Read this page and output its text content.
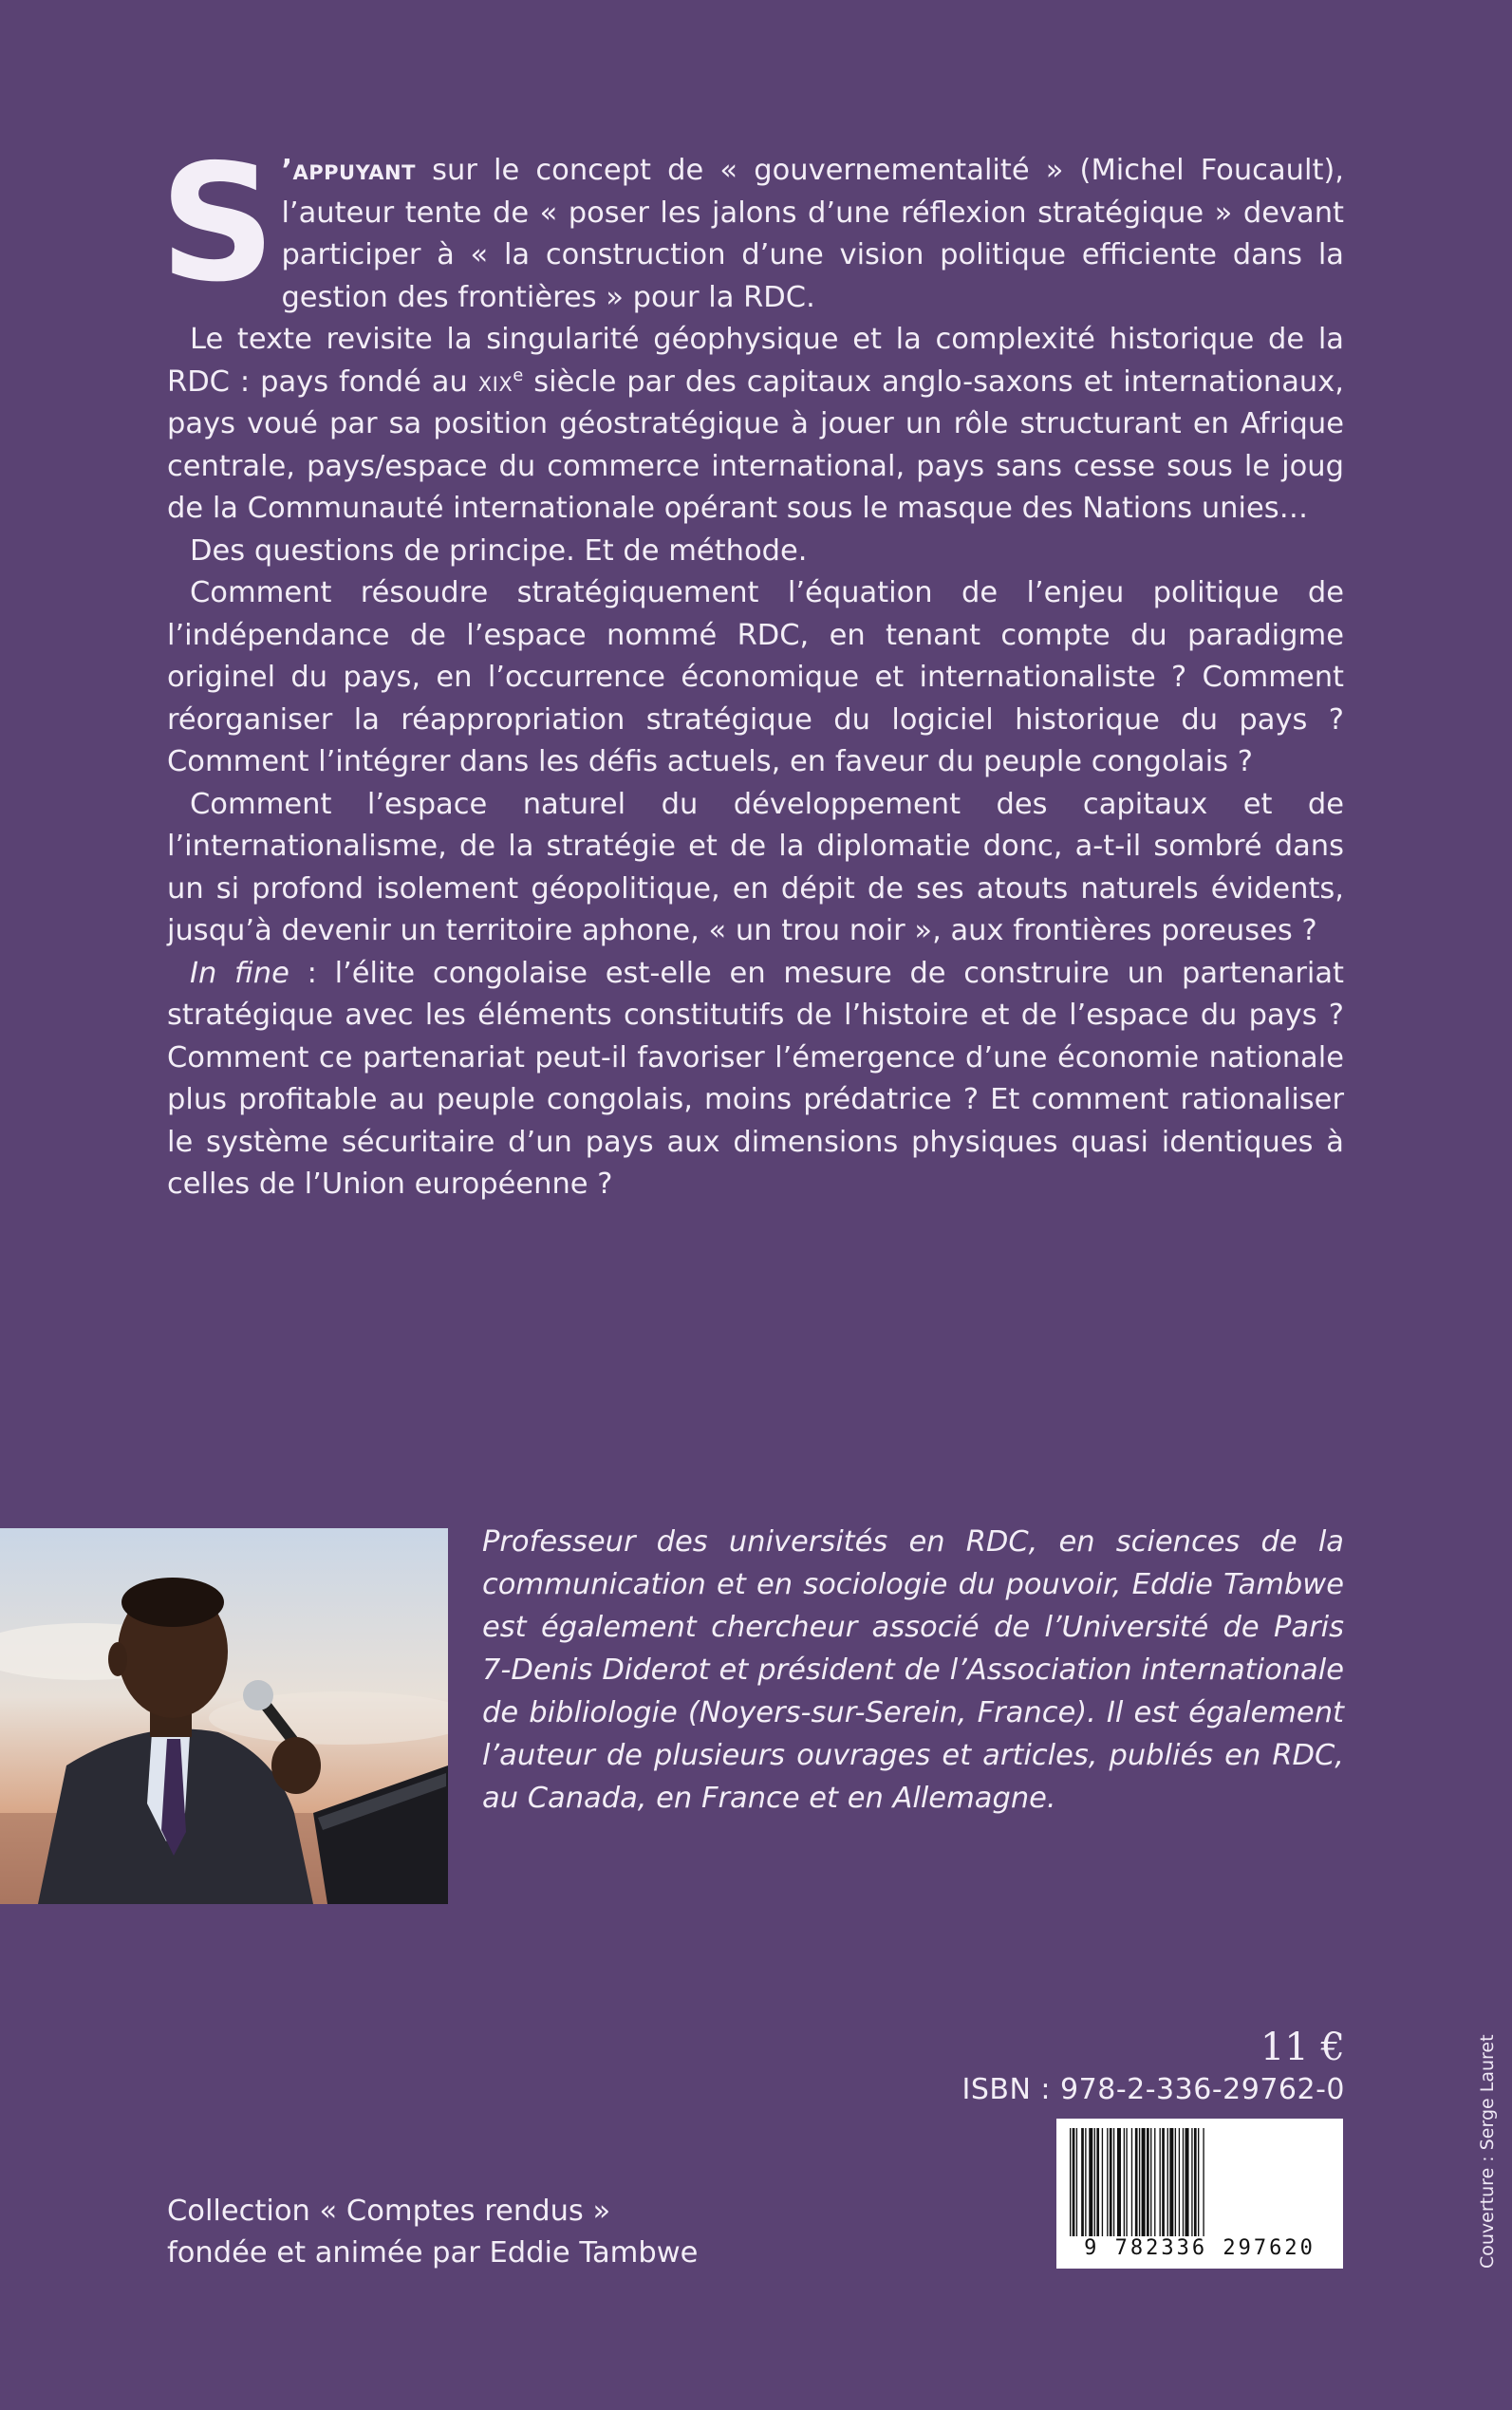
S ’appuyant sur le concept de « gouvernementalité » (Michel Foucault), l’auteur tente de « poser les jalons d’une réflexion stratégique » devant participer à « la construction d’une vision politique efficiente dans la gestion des frontières » pour la RDC.

Le texte revisite la singularité géophysique et la complexité historique de la RDC : pays fondé au xix$^e$ siècle par des capitaux anglo-saxons et internationaux, pays voué par sa position géostratégique à jouer un rôle structurant en Afrique centrale, pays/espace du commerce international, pays sans cesse sous le joug de la Communauté internationale opérant sous le masque des Nations unies…

Des questions de principe. Et de méthode.

Comment résoudre stratégiquement l’équation de l’enjeu politique de l’indépendance de l’espace nommé RDC, en tenant compte du paradigme originel du pays, en l’occurrence économique et internationaliste ? Comment réorganiser la réappropriation stratégique du logiciel historique du pays ? Comment l’intégrer dans les défis actuels, en faveur du peuple congolais ?

Comment l’espace naturel du développement des capitaux et de l’internationalisme, de la stratégie et de la diplomatie donc, a-t-il sombré dans un si profond isolement géopolitique, en dépit de ses atouts naturels évidents, jusqu’à devenir un territoire aphone, « un trou noir », aux frontières poreuses ?

In fine : l’élite congolaise est-elle en mesure de construire un partenariat stratégique avec les éléments constitutifs de l’histoire et de l’espace du pays ? Comment ce partenariat peut-il favoriser l’émergence d’une économie nationale plus profitable au peuple congolais, moins prédatrice ? Et comment rationaliser le système sécuritaire d’un pays aux dimensions physiques quasi identiques à celles de l’Union européenne ?

Professeur des universités en RDC, en sciences de la communication et en sociologie du pouvoir, Eddie Tambwe est également chercheur associé de l’Université de Paris 7-Denis Diderot et président de l’Association internationale de bibliologie (Noyers-sur-Serein, France). Il est également l’auteur de plusieurs ouvrages et articles, publiés en RDC, au Canada, en France et en Allemagne.

11 €
ISBN : 978-2-336-29762-0
9 782336 297620
Collection « Comptes rendus »
fondée et animée par Eddie Tambwe	Couverture : Serge Lauret
